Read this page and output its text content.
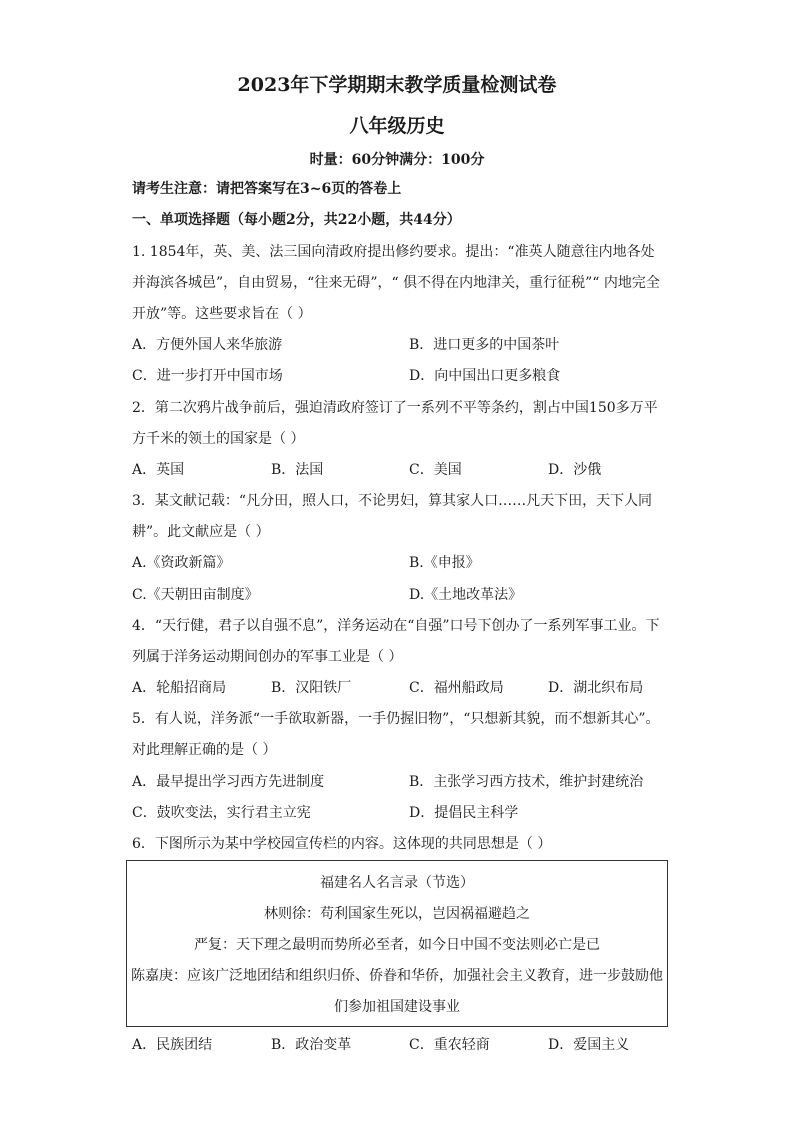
2023年下学期期末教学质量检测试卷
八年级历史
时量：60分钟满分：100分
请考生注意：请把答案写在3~6页的答卷上
一、单项选择题（每小题2分，共22小题，共44分）
1. 1854年，英、美、法三国向清政府提出修约要求。提出：“准英人随意往内地各处
并海滨各城邑”，自由贸易，“往来无碍”，“ 俱不得在内地津关，重行征税”“ 内地完全
开放”等。这些要求旨在（ ）
A．方便外国人来华旅游	B．进口更多的中国茶叶
C．进一步打开中国市场	D．向中国出口更多粮食
2．第二次鸦片战争前后，强迫清政府签订了一系列不平等条约，割占中国150多万平
方千米的领土的国家是（ ）
A．英国	B．法国	C．美国	D．沙俄
3．某文献记载：“凡分田，照人口，不论男妇，算其家人口……凡天下田，天下人同
耕”。此文献应是（ ）
A.《资政新篇》	B.《申报》
C.《天朝田亩制度》	D.《土地改革法》
4．“天行健，君子以自强不息”，洋务运动在“自强”口号下创办了一系列军事工业。下
列属于洋务运动期间创办的军事工业是（ ）
A．轮船招商局	B．汉阳铁厂	C．福州船政局	D．湖北织布局
5．有人说，洋务派“一手欲取新器，一手仍握旧物”，“只想新其貌，而不想新其心”。
对此理解正确的是（ ）
A．最早提出学习西方先进制度	B．主张学习西方技术，维护封建统治
C．鼓吹变法，实行君主立宪	D．提倡民主科学
6．下图所示为某中学校园宣传栏的内容。这体现的共同思想是（ ）
福建名人名言录（节选）
林则徐：苟利国家生死以，岂因祸福避趋之
严复：天下理之最明而势所必至者，如今日中国不变法则必亡是已
陈嘉庚：应该广泛地团结和组织归侨、侨眷和华侨，加强社会主义教育，进一步鼓励他
们参加祖国建设事业
A．民族团结	B．政治变革	C．重农轻商	D．爱国主义
